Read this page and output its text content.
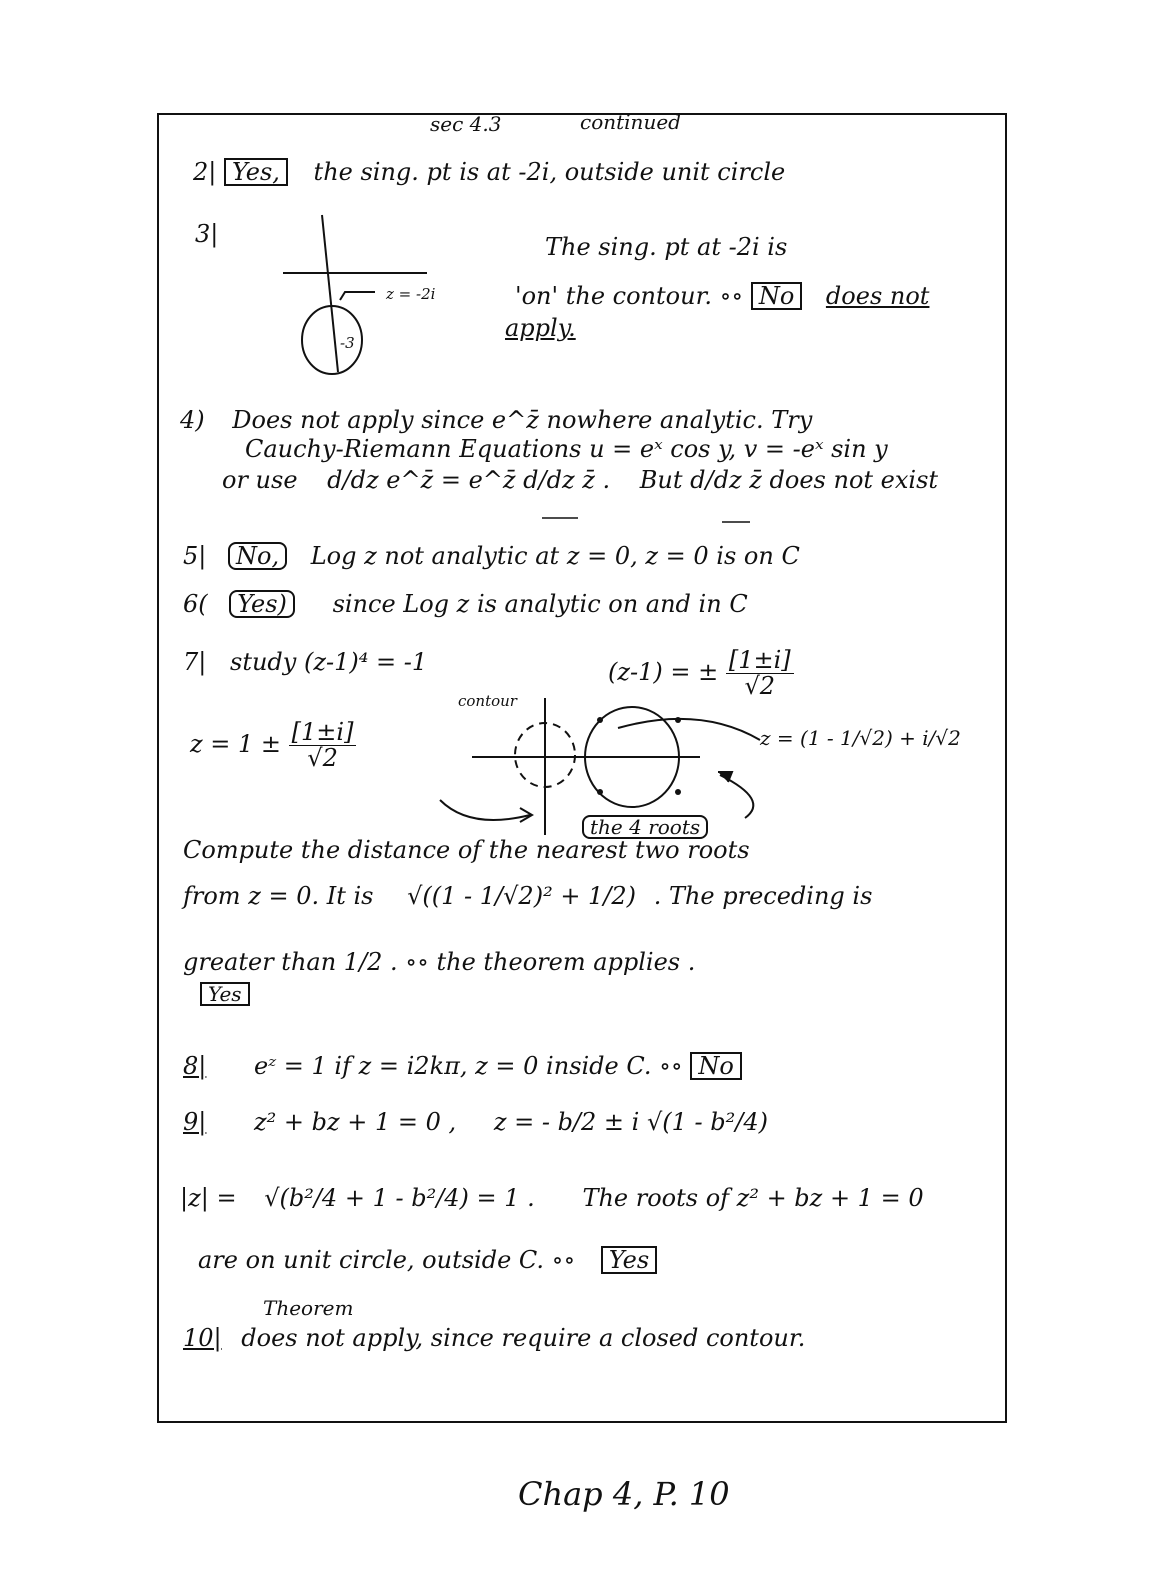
sec 4.3	continued
2| Yes, the sing. pt is at -2i, outside unit circle
3|	The sing. pt at -2i is
'on' the contour. ∘∘ No does not
apply.
z = -2i
-3
4) Does not apply since e^z̄ nowhere analytic. Try
Cauchy-Riemann Equations u = eˣ cos y, v = -eˣ sin y
or use d/dz e^z̄ = e^z̄ d/dz z̄ . But d/dz z̄ does not exist
5| No, Log z not analytic at z = 0, z = 0 is on C
6( Yes) since Log z is analytic on and in C
7| study (z-1)⁴ = -1	(z-1) = ± $\frac{[1\pm i]}{√2}$
$z = 1 \pm \frac{[1\pm i]}{√2}$
contour
z = (1 - 1/√2) + i/√2
the 4 roots
Compute the distance of the nearest two roots
from z = 0. It is √((1 - 1/√2)² + 1/2) . The preceding is
greater than 1/2 . ∘∘ the theorem applies .
Yes
8| eᶻ = 1 if z = i2kπ, z = 0 inside C. ∘∘ No
9| z² + bz + 1 = 0 , z = - b/2 ± i √(1 - b²/4)
|z| = √(b²/4 + 1 - b²/4) = 1 . The roots of z² + bz + 1 = 0
are on unit circle, outside C. ∘∘ Yes
Theorem
10| does not apply, since require a closed contour.
Chap 4, P. 10
